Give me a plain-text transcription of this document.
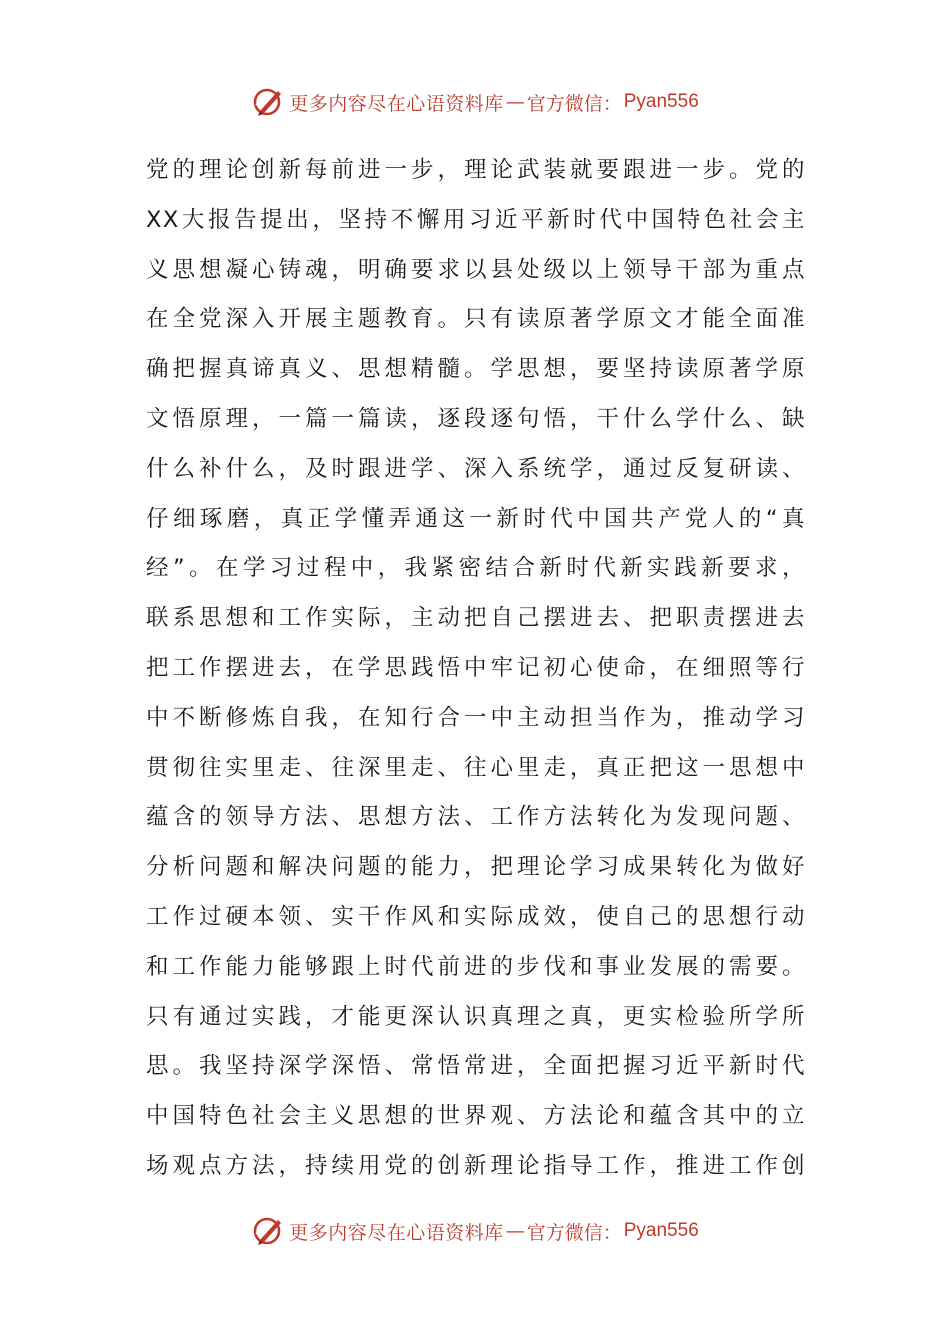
更多内容尽在心语资料库 — 官方微信： Pyan556
党的理论创新每前进一步，理论武装就要跟进一步。党的
XX大报告提出，坚持不懈用习近平新时代中国特色社会主
义思想凝心铸魂，明确要求以县处级以上领导干部为重点
在全党深入开展主题教育。只有读原著学原文才能全面准
确把握真谛真义、思想精髓。学思想，要坚持读原著学原
文悟原理，一篇一篇读，逐段逐句悟，干什么学什么、缺
什么补什么，及时跟进学、深入系统学，通过反复研读、
仔细琢磨，真正学懂弄通这一新时代中国共产党人的“真
经”。在学习过程中，我紧密结合新时代新实践新要求，
联系思想和工作实际，主动把自己摆进去、把职责摆进去
把工作摆进去，在学思践悟中牢记初心使命，在细照等行
中不断修炼自我，在知行合一中主动担当作为，推动学习
贯彻往实里走、往深里走、往心里走，真正把这一思想中
蕴含的领导方法、思想方法、工作方法转化为发现问题、
分析问题和解决问题的能力，把理论学习成果转化为做好
工作过硬本领、实干作风和实际成效，使自己的思想行动
和工作能力能够跟上时代前进的步伐和事业发展的需要。
只有通过实践，才能更深认识真理之真，更实检验所学所
思。我坚持深学深悟、常悟常进，全面把握习近平新时代
中国特色社会主义思想的世界观、方法论和蕴含其中的立
场观点方法，持续用党的创新理论指导工作，推进工作创
更多内容尽在心语资料库 — 官方微信： Pyan556
